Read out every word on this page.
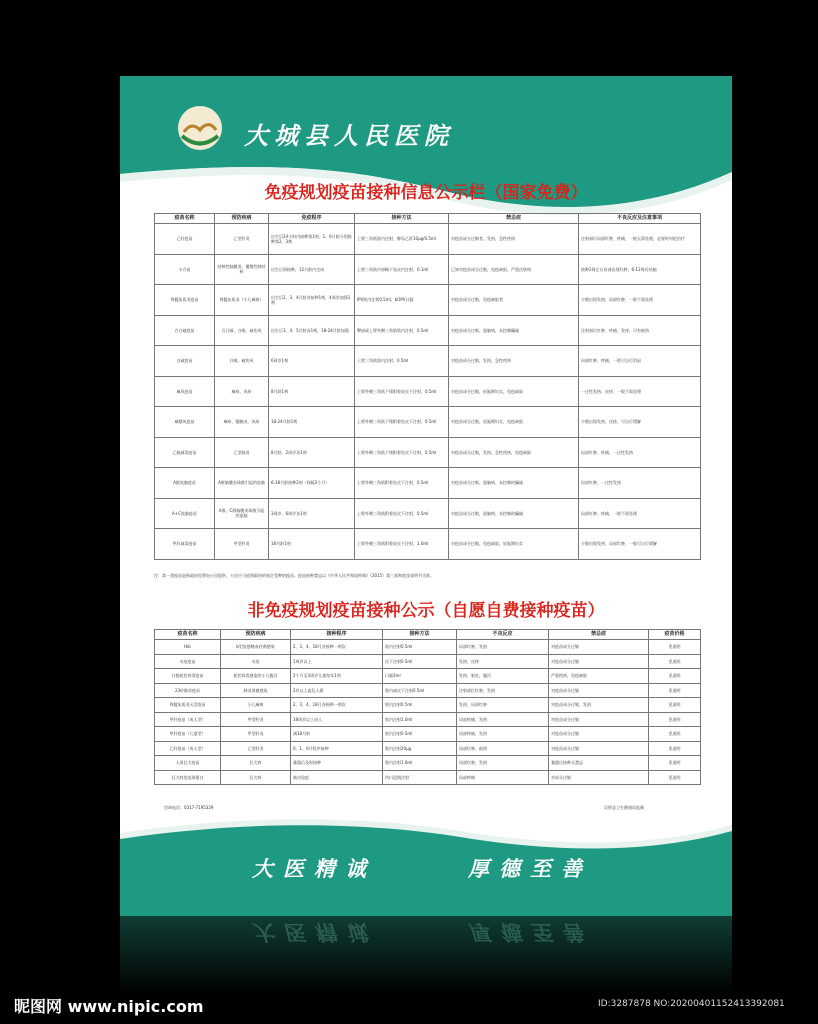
大城县人民医院
免疫规划疫苗接种信息公示栏（国家免费）
疫苗名称	预防疾病	免疫程序	接种方法	禁忌症	不良反应及注意事项
乙肝疫苗	乙型肝炎	出生后24小时内接种第1剂，1、6月龄分别接种第2、3剂	上臂三角肌肌内注射，酵母乙肝10μg/0.5ml	对疫苗成分过敏者，发热，急性疾病	注射部位局部红肿，疼痛，一般无需处理，必要时对症治疗
卡介苗	结核性脑膜炎、播散性肺结核	出生后即接种，12月龄内完成	上臂三角肌中部略下处皮内注射，0.1ml	已知对疫苗成分过敏，免疫缺陷，严重皮肤病	接种2周左右局部出现红肿，6-12周后结痂
脊髓灰质炎疫苗	脊髓灰质炎（小儿麻痹）	出生后2、3、4月龄各接种1剂，4周岁加强1剂	IPV肌内注射0.5ml，bOPV口服	对疫苗成分过敏，免疫缺陷者	少数出现发热，局部红肿，一般不需处理
百白破疫苗	百日咳、白喉、破伤风	出生后3、4、5月龄各1剂，18-24月龄加强	臀部或上臂外侧三角肌肌内注射，0.5ml	对疫苗成分过敏，患脑病，未控制癫痫	注射部位红肿、疼痛、发痒，可有低热
白破疫苗	白喉、破伤风	6周岁1剂	上臂三角肌肌内注射，0.5ml	对疫苗成分过敏，发热，急性疾病	局部红肿、疼痛，一般可自行消退
麻风疫苗	麻疹、风疹	8月龄1剂	上臂外侧三角肌下缘附着处皮下注射，0.5ml	对疫苗成分过敏，妊娠期妇女，免疫缺陷	一过性发热、皮疹，一般不需处理
麻腮风疫苗	麻疹、腮腺炎、风疹	18-24月龄1剂	上臂外侧三角肌下缘附着处皮下注射，0.5ml	对疫苗成分过敏，妊娠期妇女，免疫缺陷	少数出现发热、皮疹，可自行缓解
乙脑减毒疫苗	乙型脑炎	8月龄，2周岁各1剂	上臂外侧三角肌下缘附着处皮下注射，0.5ml	对疫苗成分过敏，发热，急性疾病，免疫缺陷	局部红肿、疼痛，一过性发热
A群流脑疫苗	A群脑膜炎球菌引起的流脑	6-18月龄接种2剂（间隔3个月）	上臂外侧三角肌附着处皮下注射，0.5ml	对疫苗成分过敏，患脑病、未控制的癫痫	局部红肿，一过性发热
A+C流脑疫苗	A群、C群脑膜炎球菌引起的流脑	3周岁、6周岁各1剂	上臂外侧三角肌附着处皮下注射，0.5ml	对疫苗成分过敏，患脑病、未控制的癫痫	局部红肿、疼痛，一般不需处理
甲肝减毒疫苗	甲型肝炎	18月龄1剂	上臂外侧三角肌附着处皮下注射，1.0ml	对疫苗成分过敏，免疫缺陷，妊娠期妇女	少数出现发热、局部红肿，一般可自行缓解
注：第一类疫苗是指政府免费向公民提供，公民应当依照政府的规定受种的疫苗。疫苗接种禁忌以《中华人民共和国药典》（2015）第三部和疫苗说明书为准。
非免疫规划疫苗接种公示（自愿自费接种疫苗）
疫苗名称	预防疾病	接种程序	接种方法	不良反应	禁忌症	疫苗价格
Hib	b型流感嗜血杆菌感染	2、3、4、18月各接种一剂次	肌内注射0.5ml	局部红肿，发热	对疫苗成分过敏	见说明
水痘疫苗	水痘	1周岁以上	皮下注射0.5ml	发热，皮疹	对疫苗成分过敏	见说明
口服轮状病毒疫苗	轮状病毒感染的小儿腹泻	2个月至3周岁儿童每年1剂	口服3ml	发热，呕吐，腹泻	严重疾病，免疫缺陷	见说明
23价肺炎疫苗	肺炎球菌感染	2岁以上高危人群	肌内或皮下注射0.5ml	注射部位红肿，发热	对疫苗成分过敏	见说明
脊髓灰质炎灭活疫苗	小儿麻痹	2、3、4、18月各接种一剂次	肌内注射0.5ml	发热，局部红肿	对疫苗成分过敏，发热	见说明
甲肝疫苗（成人型）	甲型肝炎	18周岁以上成人	肌内注射1.0ml	局部疼痛，发热	对疫苗成分过敏	见说明
甲肝疫苗（儿童型）	甲型肝炎	满18月龄	肌内注射0.5ml	局部疼痛，发热	对疫苗成分过敏	见说明
乙肝疫苗（成人型）	乙型肝炎	0、1、6月程序接种	肌内注射20μg	局部红肿，低热	对疫苗成分过敏	见说明
人用狂犬疫苗	狂犬病	暴露后及时接种	肌内注射1.0ml	局部红肿，发热	暴露后接种无禁忌	见说明
狂犬病免疫球蛋白	狂犬病	被动免疫	伤口浸润注射	局部疼痛	对成分过敏	见说明
咨询电话：0317-7195329	吴桥县卫生健康局监制
大医精诚	厚德至善
大医精诚	厚德至善
昵图网 www.nipic.com	ID:3287878 NO:20200401152413392081
